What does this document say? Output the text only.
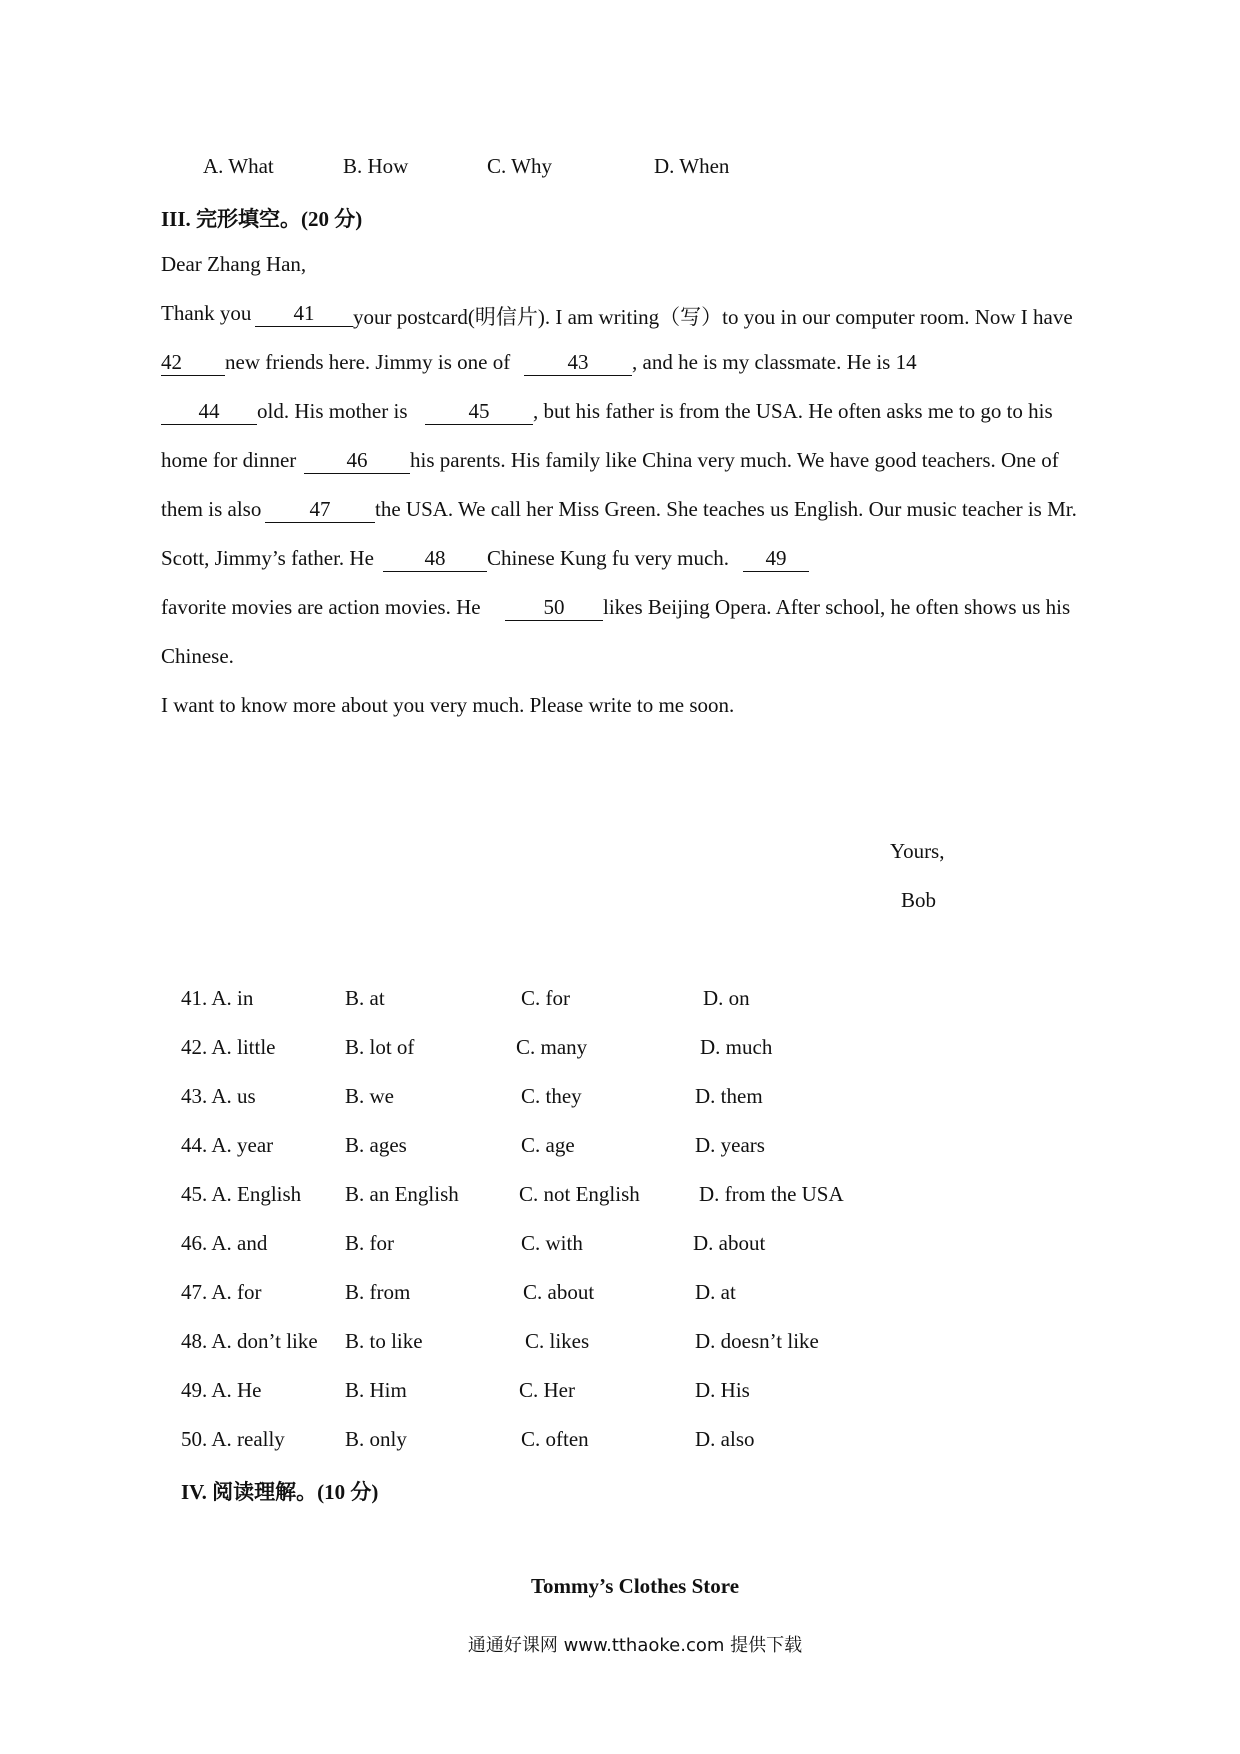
A. What	B. How	C. Why	D. When
III. 完形填空。(20 分)
Dear Zhang Han,
Thank you	41	your postcard(明信片). I am writing（写）to you in our computer room. Now I have
42	new friends here. Jimmy is one of	43	, and he is my classmate. He is 14
44	old. His mother is	45	, but his father is from the USA. He often asks me to go to his
home for dinner	46	his parents. His family like China very much. We have good teachers. One of
them is also	47	the USA. We call her Miss Green. She teaches us English. Our music teacher is Mr.
Scott, Jimmy’s father. He	48	Chinese Kung fu very much.	49
favorite movies are action movies. He	50	likes Beijing Opera. After school, he often shows us his
Chinese.
I want to know more about you very much. Please write to me soon.
Yours,
Bob
41. A. in	B. at	C. for	D. on
42. A. little	B. lot of	C. many	D. much
43. A. us	B. we	C. they	D. them
44. A. year	B. ages	C. age	D. years
45. A. English B. an English	C. not English	D. from the USA
46. A. and	B. for	C. with	D. about
47. A. for	B. from	C. about	D. at
48. A. don’t like B. to like	C. likes	D. doesn’t like
49. A. He	B. Him	C. Her	D. His
50. A. really	B. only	C. often	D. also
IV. 阅读理解。(10 分)
Tommy’s Clothes Store
通通好课网 www.tthaoke.com 提供下载
